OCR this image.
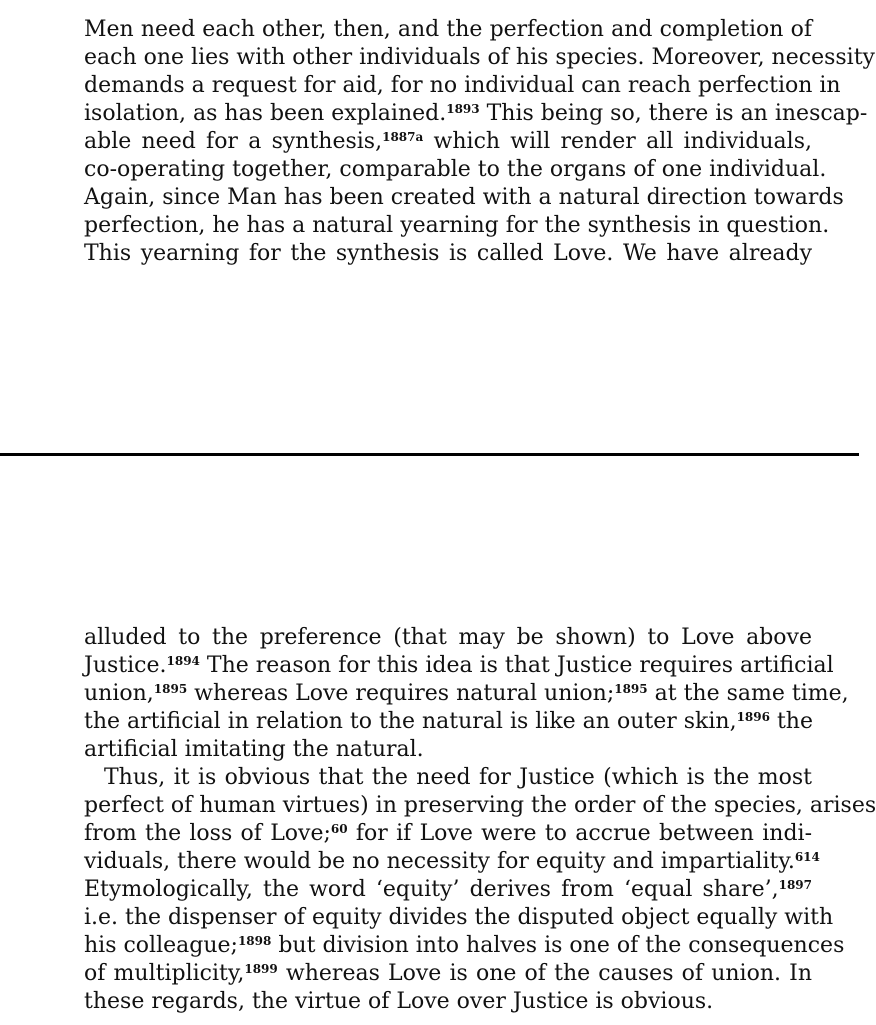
Men need each other, then, and the perfection and completion of
each one lies with other individuals of his species. Moreover, necessity
demands a request for aid, for no individual can reach perfection in
isolation, as has been explained.$^{1893}$ This being so, there is an inescap-
able need for a synthesis,$^{1887a}$ which will render all individuals,
co-operating together, comparable to the organs of one individual.
Again, since Man has been created with a natural direction towards
perfection, he has a natural yearning for the synthesis in question.
This yearning for the synthesis is called Love. We have already
alluded to the preference (that may be shown) to Love above
Justice.$^{1894}$ The reason for this idea is that Justice requires artificial
union,$^{1895}$ whereas Love requires natural union;$^{1895}$ at the same time,
the artificial in relation to the natural is like an outer skin,$^{1896}$ the
artificial imitating the natural.
Thus, it is obvious that the need for Justice (which is the most
perfect of human virtues) in preserving the order of the species, arises
from the loss of Love;$^{60}$ for if Love were to accrue between indi-
viduals, there would be no necessity for equity and impartiality.$^{614}$
Etymologically, the word ‘equity’ derives from ‘equal share’,$^{1897}$
i.e. the dispenser of equity divides the disputed object equally with
his colleague;$^{1898}$ but division into halves is one of the consequences
of multiplicity,$^{1899}$ whereas Love is one of the causes of union. In
these regards, the virtue of Love over Justice is obvious.
